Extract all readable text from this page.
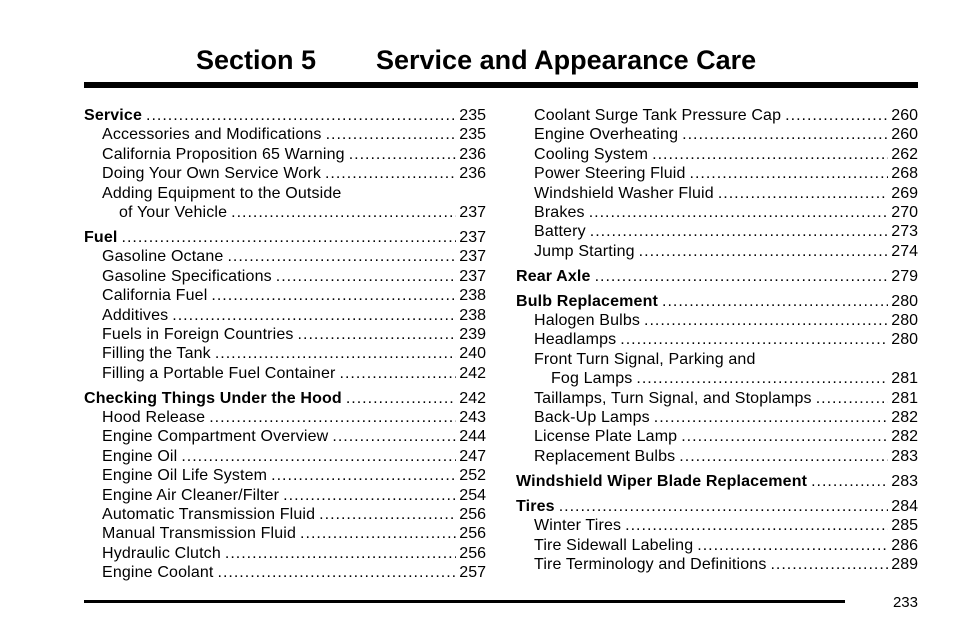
Section 5 Service and Appearance Care
Service .....	235
Accessories and Modifications .....	235
California Proposition 65 Warning .....	236
Doing Your Own Service Work .....	236
Adding Equipment to the Outside
of Your Vehicle .....	237
Fuel .....	237
Gasoline Octane .....	237
Gasoline Specifications .....	237
California Fuel .....	238
Additives .....	238
Fuels in Foreign Countries .....	239
Filling the Tank .....	240
Filling a Portable Fuel Container .....	242
Checking Things Under the Hood .....	242
Hood Release .....	243
Engine Compartment Overview .....	244
Engine Oil .....	247
Engine Oil Life System .....	252
Engine Air Cleaner/Filter .....	254
Automatic Transmission Fluid .....	256
Manual Transmission Fluid .....	256
Hydraulic Clutch .....	256
Engine Coolant .....	257
Coolant Surge Tank Pressure Cap .....	260
Engine Overheating .....	260
Cooling System .....	262
Power Steering Fluid .....	268
Windshield Washer Fluid .....	269
Brakes .....	270
Battery .....	273
Jump Starting .....	274
Rear Axle .....	279
Bulb Replacement .....	280
Halogen Bulbs .....	280
Headlamps .....	280
Front Turn Signal, Parking and
Fog Lamps .....	281
Taillamps, Turn Signal, and Stoplamps .....	281
Back-Up Lamps .....	282
License Plate Lamp .....	282
Replacement Bulbs .....	283
Windshield Wiper Blade Replacement .....	283
Tires .....	284
Winter Tires .....	285
Tire Sidewall Labeling .....	286
Tire Terminology and Definitions .....	289
233
